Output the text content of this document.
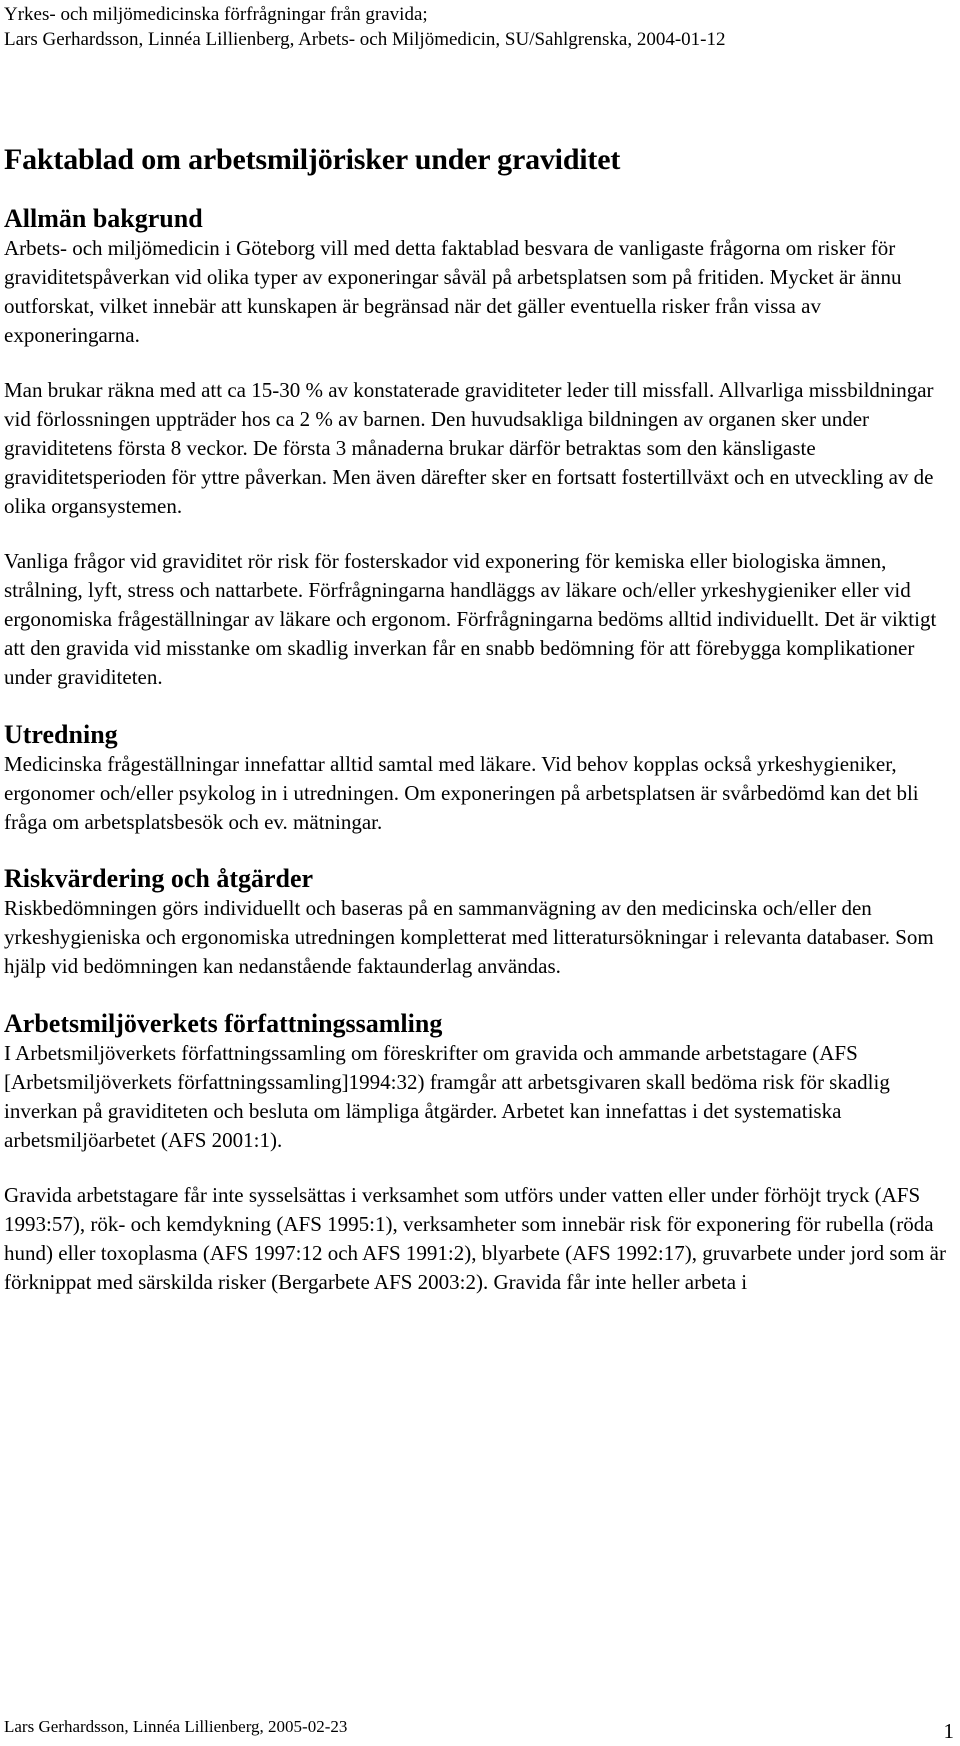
Yrkes- och miljömedicinska förfrågningar från gravida;
Lars Gerhardsson, Linnéa Lillienberg, Arbets- och Miljömedicin, SU/Sahlgrenska, 2004-01-12
Faktablad om arbetsmiljörisker under graviditet
Allmän bakgrund

Arbets- och miljömedicin i Göteborg vill med detta faktablad besvara de vanligaste frågorna om risker för graviditetspåverkan vid olika typer av exponeringar såväl på arbetsplatsen som på fritiden. Mycket är ännu outforskat, vilket innebär att kunskapen är begränsad när det gäller eventuella risker från vissa av exponeringarna.

Man brukar räkna med att ca 15-30 % av konstaterade graviditeter leder till missfall. Allvarliga missbildningar vid förlossningen uppträder hos ca 2 % av barnen. Den huvudsakliga bildningen av organen sker under graviditetens första 8 veckor. De första 3 månaderna brukar därför betraktas som den känsligaste graviditetsperioden för yttre påverkan. Men även därefter sker en fortsatt fostertillväxt och en utveckling av de olika organsystemen.

Vanliga frågor vid graviditet rör risk för fosterskador vid exponering för kemiska eller biologiska ämnen, strålning, lyft, stress och nattarbete. Förfrågningarna handläggs av läkare och/eller yrkeshygieniker eller vid ergonomiska frågeställningar av läkare och ergonom. Förfrågningarna bedöms alltid individuellt. Det är viktigt att den gravida vid misstanke om skadlig inverkan får en snabb bedömning för att förebygga komplikationer under graviditeten.

Utredning

Medicinska frågeställningar innefattar alltid samtal med läkare. Vid behov kopplas också yrkeshygieniker, ergonomer och/eller psykolog in i utredningen. Om exponeringen på arbetsplatsen är svårbedömd kan det bli fråga om arbetsplatsbesök och ev. mätningar.

Riskvärdering och åtgärder

Riskbedömningen görs individuellt och baseras på en sammanvägning av den medicinska och/eller den yrkeshygieniska och ergonomiska utredningen kompletterat med litteratursökningar i relevanta databaser. Som hjälp vid bedömningen kan nedanstående faktaunderlag användas.

Arbetsmiljöverkets författningssamling

I Arbetsmiljöverkets författningssamling om föreskrifter om gravida och ammande arbetstagare (AFS [Arbetsmiljöverkets författningssamling]1994:32) framgår att arbetsgivaren skall bedöma risk för skadlig inverkan på graviditeten och besluta om lämpliga åtgärder. Arbetet kan innefattas i det systematiska arbetsmiljöarbetet (AFS 2001:1).

Gravida arbetstagare får inte sysselsättas i verksamhet som utförs under vatten eller under förhöjt tryck (AFS 1993:57), rök- och kemdykning (AFS 1995:1), verksamheter som innebär risk för exponering för rubella (röda hund) eller toxoplasma (AFS 1997:12 och AFS 1991:2), blyarbete (AFS 1992:17), gruvarbete under jord som är förknippat med särskilda risker (Bergarbete AFS 2003:2). Gravida får inte heller arbeta i

Lars Gerhardsson, Linnéa Lillienberg, 2005-02-23	1
